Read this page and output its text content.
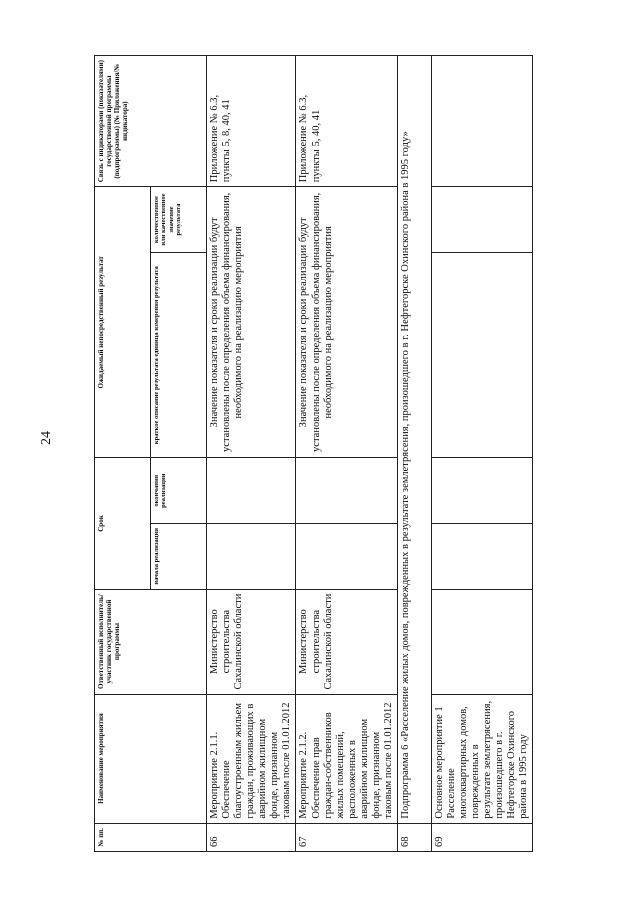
24
№ пп.	Наименование мероприятия	Ответственный исполнитель/участник государственной программы	Срок		Ожидаемый непосредственный результат		Связь с индикаторами (показателями) государственной программы (подпрограммы) (№ Приложения/№ индикатора)
			начала реализации	окончания реализации	краткое описание результата единица измерения результата	количественное или качественное значение результата	
66	Мероприятие 2.1.1. Обеспечение благоустроенным жильем граждан, проживающих в аварийном жилищном фонде, признанном таковым после 01.01.2012	Министерство строительства Сахалинской области			Значение показателя и сроки реализации будут установлены после определения объема финансирования, необходимого на реализацию мероприятия		Приложение № 6.3, пункты 5, 8, 40, 41
67	Мероприятие 2.1.2. Обеспечение прав граждан-собственников жилых помещений, расположенных в аварийном жилищном фонде, признанном таковым после 01.01.2012	Министерство строительства Сахалинской области			Значение показателя и сроки реализации будут установлены после определения объема финансирования, необходимого на реализацию мероприятия		Приложение № 6.3, пункты 5, 40, 41
68	Подпрограмма 6 «Расселение жилых домов, поврежденных в результате землетрясения, произошедшего в г. Нефтегорске Охинского района в 1995 году»						
69	Основное мероприятие 1 Расселение многоквартирных домов, поврежденных в результате землетрясения, произошедшего в г. Нефтегорске Охинского района в 1995 году						
